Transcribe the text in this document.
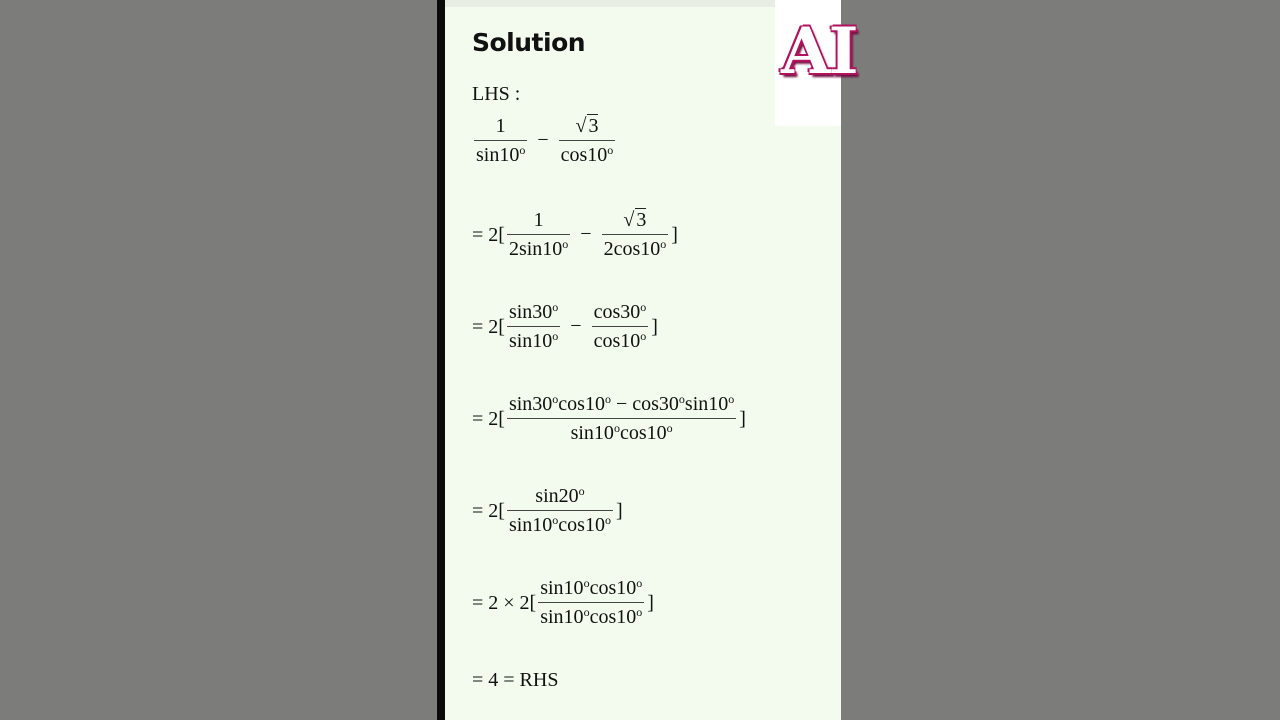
AI
Solution
LHS :
$\frac{1}{\sin 10^o} - \frac{√ 3}{\cos 10^o}$
= $2[ \frac{1}{2\sin 10^o} - \frac{√ 3}{2\cos 10^o}$ ]
= $2[ \frac{\sin 30^o}{\sin 10^o} - \frac{\cos 30^o}{\cos 10^o}$ ]
= $2[ \frac{\sin 30^o\cos 10^o - \cos 30^o\sin 10^o}{\sin 10^o\cos 10^o}$ ]
= $2[ \frac{\sin 20^o}{\sin 10^o\cos 10^o}$ ]
= $2 \times 2[ \frac{\sin 10^o\cos 10^o}{\sin 10^o\cos 10^o}$ ]
= 4 = RHS
